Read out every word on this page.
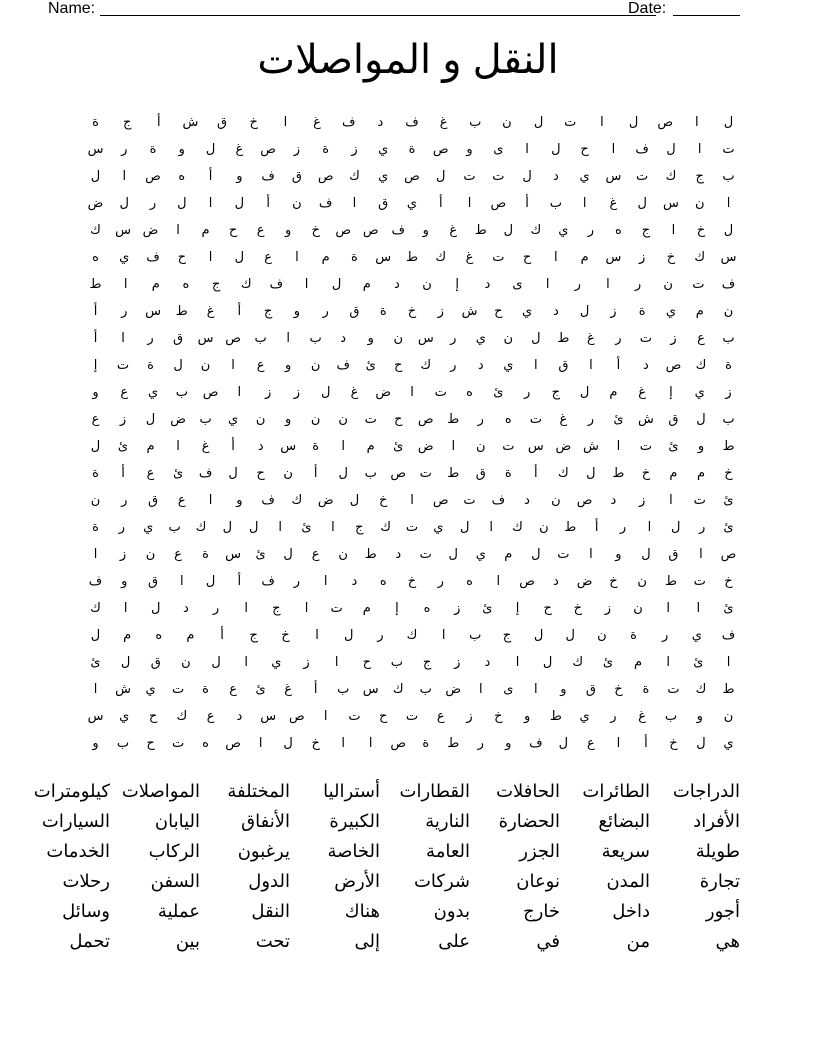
Name:	Date:
النقل و المواصلات
ل
ا
ص
ل
ا
ت
ل
ن
ب
غ
ف
د
ف
غ
ا
خ
ق
ش
أ
ج
ة
ت
ا
ل
ف
ا
ح
ل
ا
ى
و
ص
ة
ي
ز
ة
ز
ص
غ
ل
و
ة
ر
س
ب
ج
ك
ت
س
ي
د
ل
ت
ت
ل
ص
ي
ك
ص
ق
ف
و
أ
ه
ص
ا
ل
ا
ن
س
ل
غ
ا
ب
أ
ص
ا
أ
ي
ق
ا
ف
ن
أ
ل
ا
ل
ر
ل
ض
ل
خ
ا
ج
ه
ر
ي
ك
ل
ط
غ
و
ف
ص
ص
خ
و
ع
ح
م
ا
ض
س
ك
س
ك
خ
ز
س
م
ا
ح
ت
غ
ك
ط
س
ة
م
ا
ع
ل
ا
ح
ف
ي
ه
ف
ت
ن
ر
ا
ر
ا
ى
د
إ
ن
د
م
ل
ا
ف
ك
ج
ه
م
ا
ط
ن
م
ي
ة
ز
ل
د
ي
ح
ش
ز
خ
ة
ق
ر
و
ج
أ
غ
ط
س
ر
أ
ب
ع
ز
ت
ر
غ
ط
ل
ن
ي
ر
س
ن
و
د
ب
ا
ب
ص
س
ق
ر
ا
أ
ة
ك
ص
د
أ
ا
ق
ا
ي
د
ر
ك
ح
ئ
ف
ن
و
ع
ا
ن
ل
ة
ت
إ
ز
ي
إ
غ
م
ل
ج
ر
ئ
ه
ت
ا
ض
غ
ل
ز
ز
ا
ص
ب
ي
ع
و
ب
ل
ق
ش
ئ
ر
غ
ت
ه
ر
ط
ص
ح
ت
ن
ن
و
ن
ي
ب
ض
ل
ز
ع
ط
و
ئ
ت
ا
ش
ض
س
ت
ن
ا
ض
ئ
م
ا
ة
س
د
أ
غ
ا
م
ئ
ل
خ
م
م
خ
ط
ل
ك
أ
ة
ق
ط
ت
ص
ب
ل
أ
ن
ح
ل
ف
ئ
ع
أ
ة
ئ
ت
ا
ز
د
ص
ن
د
ف
ت
ص
ا
خ
ل
ض
ك
ف
و
ا
ع
ق
ر
ن
ئ
ر
ل
ا
ر
أ
ط
ن
ك
ا
ل
ي
ت
ك
ج
ا
ئ
ا
ل
ل
ك
ب
ي
ر
ة
ص
ا
ق
ل
و
ا
ت
ل
م
ي
ل
ت
د
ط
ن
ع
ل
ئ
س
ة
ع
ن
ز
ا
خ
ت
ط
ن
خ
ض
د
ص
ا
ه
ر
خ
ه
د
ا
ر
ف
أ
ل
ا
ق
و
ف
ئ
ا
ا
ن
ز
خ
ح
إ
ئ
ز
ه
إ
م
ت
ا
ج
ا
ر
د
ل
ا
ك
ف
ي
ر
ة
ن
ل
ل
ج
ب
ا
ك
ر
ل
ا
خ
ج
أ
م
ه
م
ل
ا
ئ
ا
م
ئ
ك
ل
ا
د
ز
ج
ب
ح
ا
ز
ي
ا
ل
ن
ق
ل
ئ
ط
ك
ت
ة
خ
ق
و
ا
ى
ا
ض
ب
ك
س
ب
أ
غ
ئ
ع
ة
ت
ي
ش
ا
ن
و
ب
غ
ر
ي
ط
و
خ
ز
ع
ت
ح
ت
ا
ص
س
د
ع
ك
ح
ي
س
ي
ل
خ
أ
ا
ع
ل
ف
و
ر
ط
ة
ص
ا
ا
خ
ل
ا
ص
ه
ت
ح
ب
و
الدراجات
الطائرات
الحافلات
القطارات
أستراليا
المختلفة
المواصلات
كيلومترات
الأفراد
البضائع
الحضارة
النارية
الكبيرة
الأنفاق
اليابان
السيارات
طويلة
سريعة
الجزر
العامة
الخاصة
يرغبون
الركاب
الخدمات
تجارة
المدن
نوعان
شركات
الأرض
الدول
السفن
رحلات
أجور
داخل
خارج
بدون
هناك
النقل
عملية
وسائل
هي
من
في
على
إلى
تحت
بين
تحمل
